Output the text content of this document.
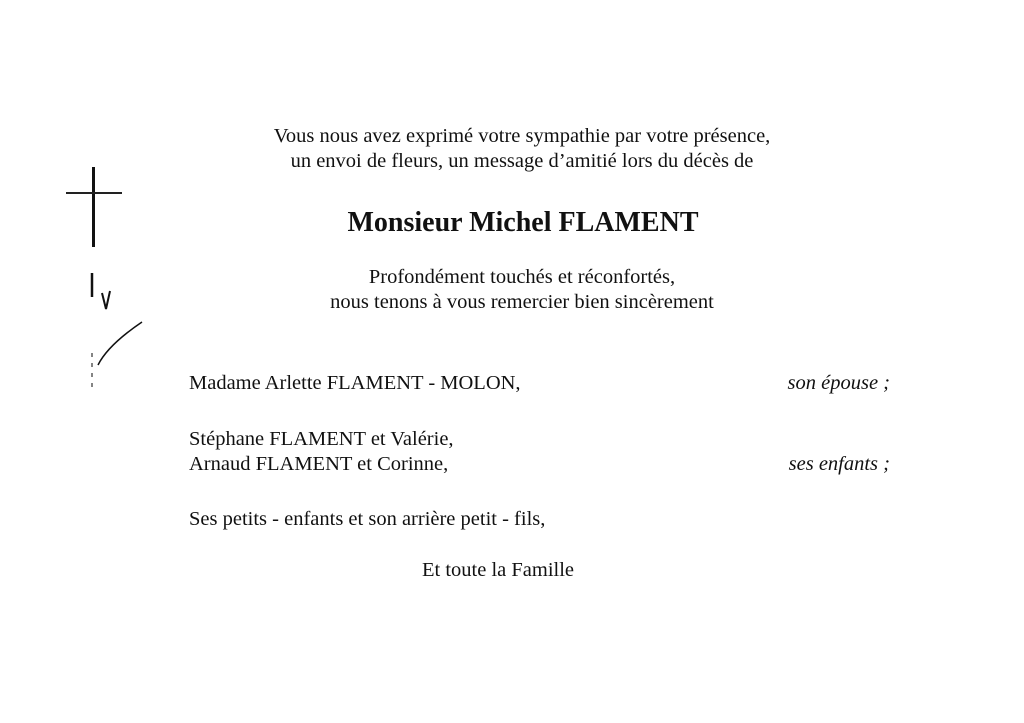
Vous nous avez exprimé votre sympathie par votre présence,
un envoi de fleurs, un message d’amitié lors du décès de
Monsieur Michel FLAMENT
Profondément touchés et réconfortés,
nous tenons à vous remercier bien sincèrement
Madame Arlette FLAMENT - MOLON,	son épouse ;
Stéphane FLAMENT et Valérie,
Arnaud FLAMENT et Corinne,	ses enfants ;
Ses petits - enfants et son arrière petit - fils,
Et toute la Famille
